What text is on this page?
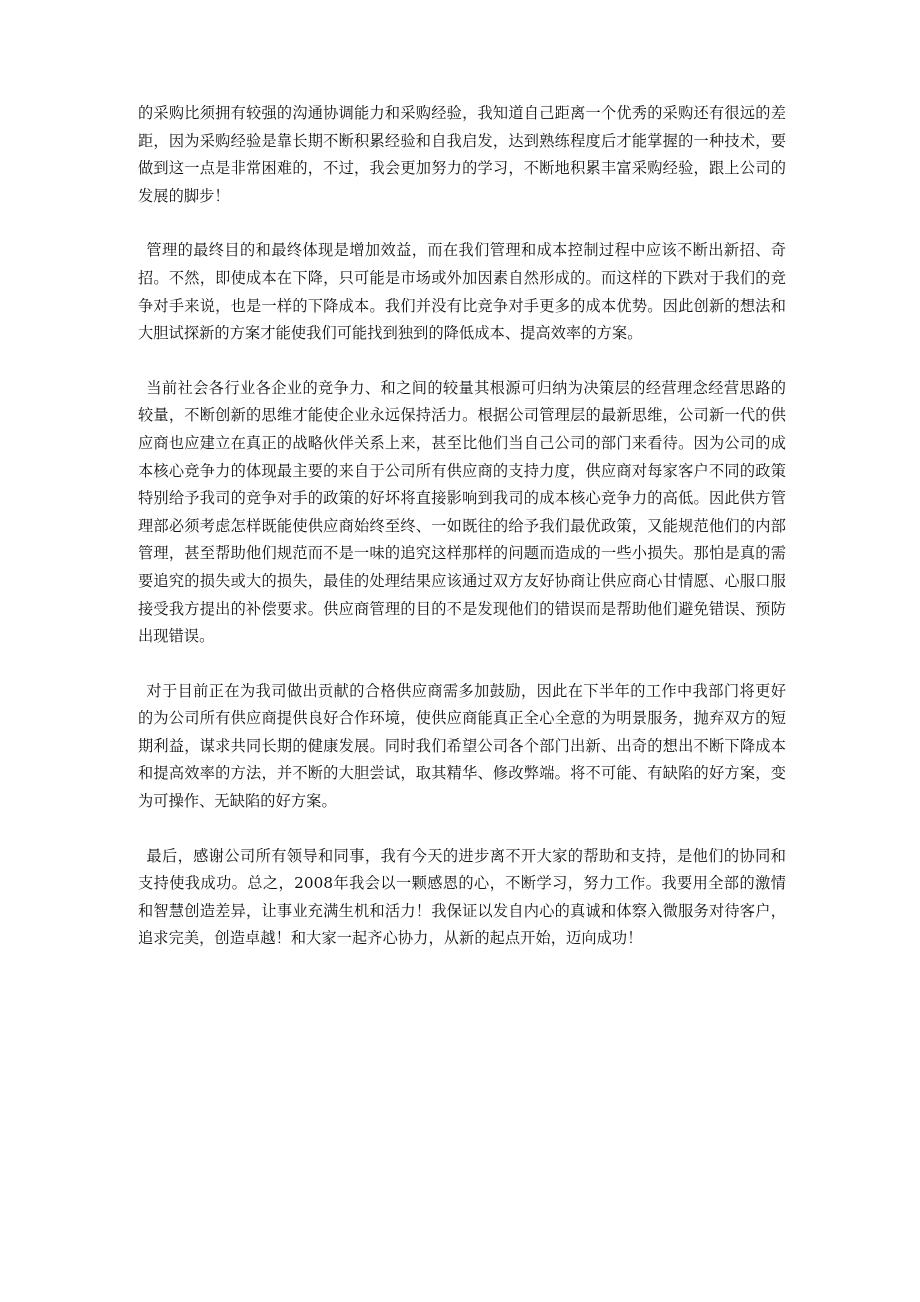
的采购比须拥有较强的沟通协调能力和采购经验，我知道自己距离一个优秀的采购还有很远的差距，因为采购经验是靠长期不断积累经验和自我启发，达到熟练程度后才能掌握的一种技术，要做到这一点是非常困难的，不过，我会更加努力的学习，不断地积累丰富采购经验，跟上公司的发展的脚步！

管理的最终目的和最终体现是增加效益，而在我们管理和成本控制过程中应该不断出新招、奇招。不然，即使成本在下降，只可能是市场或外加因素自然形成的。而这样的下跌对于我们的竞争对手来说，也是一样的下降成本。我们并没有比竞争对手更多的成本优势。因此创新的想法和大胆试探新的方案才能使我们可能找到独到的降低成本、提高效率的方案。

当前社会各行业各企业的竞争力、和之间的较量其根源可归纳为决策层的经营理念经营思路的较量，不断创新的思维才能使企业永远保持活力。根据公司管理层的最新思维，公司新一代的供应商也应建立在真正的战略伙伴关系上来，甚至比他们当自己公司的部门来看待。因为公司的成本核心竞争力的体现最主要的来自于公司所有供应商的支持力度，供应商对每家客户不同的政策特别给予我司的竞争对手的政策的好坏将直接影响到我司的成本核心竞争力的高低。因此供方管理部必须考虑怎样既能使供应商始终至终、一如既往的给予我们最优政策，又能规范他们的内部管理，甚至帮助他们规范而不是一味的追究这样那样的问题而造成的一些小损失。那怕是真的需要追究的损失或大的损失，最佳的处理结果应该通过双方友好协商让供应商心甘情愿、心服口服接受我方提出的补偿要求。供应商管理的目的不是发现他们的错误而是帮助他们避免错误、预防出现错误。

对于目前正在为我司做出贡献的合格供应商需多加鼓励，因此在下半年的工作中我部门将更好的为公司所有供应商提供良好合作环境，使供应商能真正全心全意的为明景服务，抛弃双方的短期利益，谋求共同长期的健康发展。同时我们希望公司各个部门出新、出奇的想出不断下降成本和提高效率的方法，并不断的大胆尝试，取其精华、修改弊端。将不可能、有缺陷的好方案，变为可操作、无缺陷的好方案。

最后，感谢公司所有领导和同事，我有今天的进步离不开大家的帮助和支持，是他们的协同和支持使我成功。总之，2008年我会以一颗感恩的心，不断学习，努力工作。我要用全部的激情和智慧创造差异，让事业充满生机和活力！我保证以发自内心的真诚和体察入微服务对待客户，追求完美，创造卓越！和大家一起齐心协力，从新的起点开始，迈向成功！
